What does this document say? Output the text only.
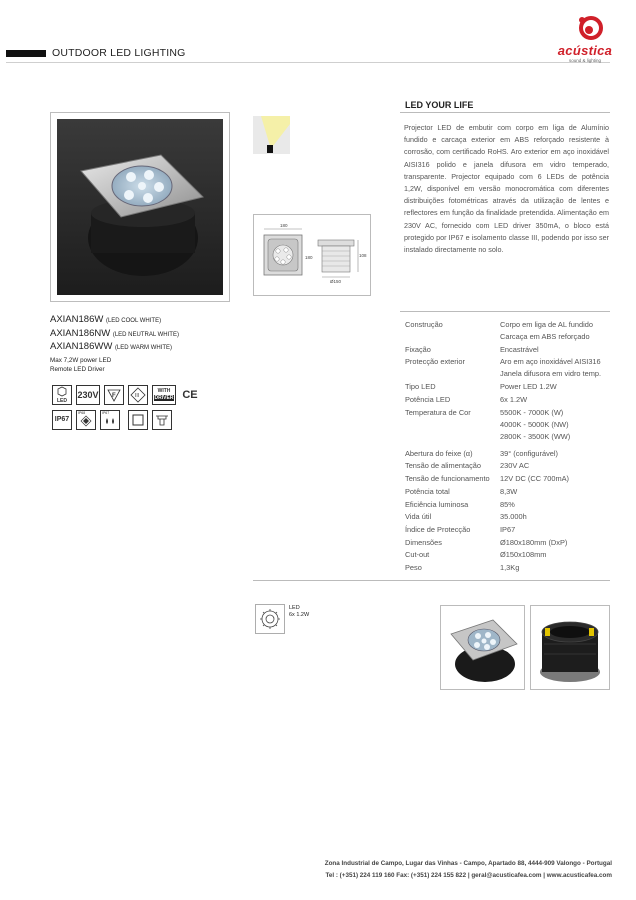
OUTDOOR LED LIGHTING	acústica
sound & lighting
LED YOUR LIFE
Projector LED de embutir com corpo em liga de Alumínio fundido e carcaça exterior em ABS reforçado resistente à corrosão, com certificado RoHS. Aro exterior em aço inoxidável AISI316 polido e janela difusora em vidro temperado, transparente. Projector equipado com 6 LEDs de potência 1,2W, disponível em versão monocromática com diferentes distribuições fotométricas através da utilização de lentes e reflectores em função da finalidade pretendida. Alimentação em 230V AC, fornecido com LED driver 350mA, o bloco está protegido por IP67 e isolamento classe III, podendo por isso ser instalado directamente no solo.
180
180	108
Ø150
AXIAN186W (LED COOL WHITE)
AXIAN186NW (LED NEUTRAL WHITE)
AXIAN186WW (LED WARM WHITE)
Max 7,2W power LED
Remote LED Driver
LED
230V F	III
WITH
DRIVER CE
IP67
IP68	IP67
Construção	Corpo em liga de AL fundido
Carcaça em ABS reforçado
Fixação	Encastrável
Protecção exterior	Aro em aço inoxidável AISI316
Janela difusora em vidro temp.
Tipo LED	Power LED 1.2W
Potência LED	6x 1.2W
Temperatura de Cor	5500K - 7000K (W)
4000K - 5000K (NW)
2800K - 3500K (WW)
Abertura do feixe (α)	39° (configurável)
Tensão de alimentação	230V AC
Tensão de funcionamento 12V DC (CC 700mA)
Potência total	8,3W
Eficiência luminosa	85%
Vida útil	35.000h
Índice de Protecção	IP67
Dimensões	Ø180x180mm (DxP)
Cut-out	Ø150x108mm
Peso	1,3Kg
LED
6x 1.2W
Zona Industrial de Campo, Lugar das Vinhas - Campo, Apartado 88, 4444-909 Valongo - Portugal
Tel : (+351) 224 119 160 Fax: (+351) 224 155 822 | geral@acusticafea.com | www.acusticafea.com
